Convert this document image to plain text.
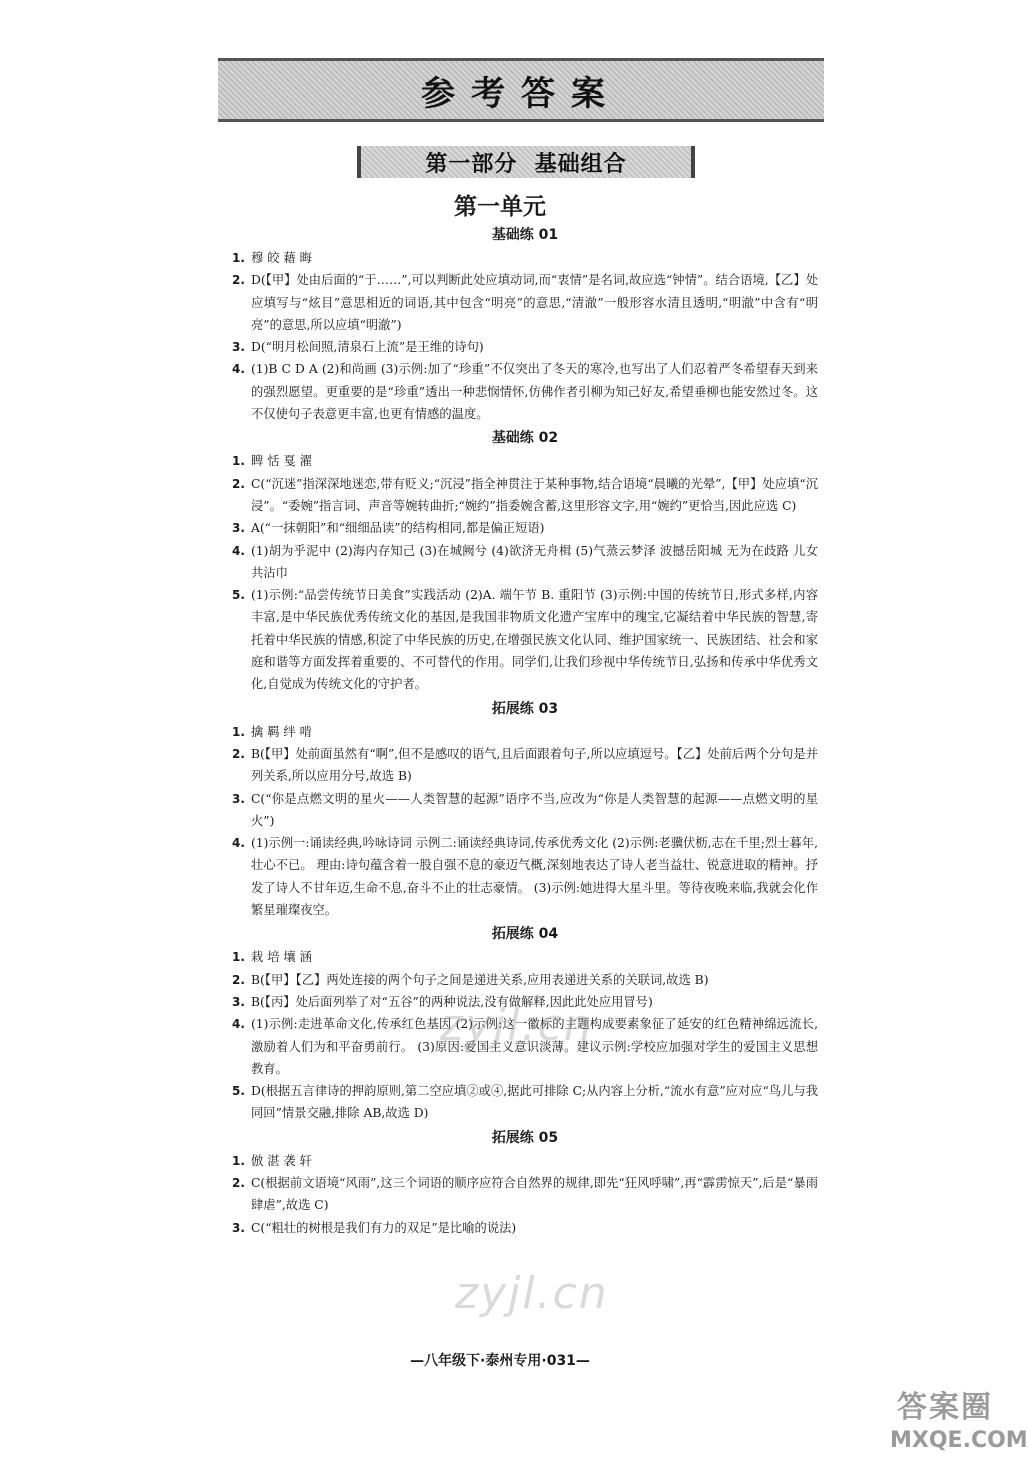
参考答案
第一部分  基础组合
第一单元
基础练 01
1. 穆 皎 藉 晦
2. D(【甲】处由后面的“于……”,可以判断此处应填动词,而“衷情”是名词,故应选“钟情”。结合语境,【乙】处应填写与“炫目”意思相近的词语,其中包含“明亮”的意思,“清澈”一般形容水清且透明,“明澈”中含有“明亮”的意思,所以应填“明澈”)
3. D(“明月松间照,清泉石上流”是王维的诗句)
4. (1)B C D A (2)和尚画 (3)示例:加了“珍重”不仅突出了冬天的寒冷,也写出了人们忍着严冬希望春天到来的强烈愿望。更重要的是“珍重”透出一种悲悯情怀,仿佛作者引柳为知己好友,希望垂柳也能安然过冬。这不仅使句子表意更丰富,也更有情感的温度。
基础练 02
1. 睥 恬 戛 濯
2. C(“沉迷”指深深地迷恋,带有贬义;“沉浸”指全神贯注于某种事物,结合语境“晨曦的光晕”,【甲】处应填“沉浸”。“委婉”指言词、声音等婉转曲折;“婉约”指委婉含蓄,这里形容文字,用“婉约”更恰当,因此应选 C)
3. A(“一抹朝阳”和“细细品读”的结构相同,都是偏正短语)
4. (1)胡为乎泥中 (2)海内存知己 (3)在城阙兮 (4)欲济无舟楫 (5)气蒸云梦泽 波撼岳阳城 无为在歧路 儿女共沾巾
5. (1)示例:“品尝传统节日美食”实践活动 (2)A. 端午节 B. 重阳节 (3)示例:中国的传统节日,形式多样,内容丰富,是中华民族优秀传统文化的基因,是我国非物质文化遗产宝库中的瑰宝,它凝结着中华民族的智慧,寄托着中华民族的情感,积淀了中华民族的历史,在增强民族文化认同、维护国家统一、民族团结、社会和家庭和谐等方面发挥着重要的、不可替代的作用。同学们,让我们珍视中华传统节日,弘扬和传承中华优秀文化,自觉成为传统文化的守护者。
拓展练 03
1. 擒 羁 绊 啃
2. B(【甲】处前面虽然有“啊”,但不是感叹的语气,且后面跟着句子,所以应填逗号。【乙】处前后两个分句是并列关系,所以应用分号,故选 B)
3. C(“你是点燃文明的星火——人类智慧的起源”语序不当,应改为“你是人类智慧的起源——点燃文明的星火”)
4. (1)示例一:诵读经典,吟咏诗词 示例二:诵读经典诗词,传承优秀文化 (2)示例:老骥伏枥,志在千里;烈士暮年,壮心不已。 理由:诗句蕴含着一股自强不息的豪迈气概,深刻地表达了诗人老当益壮、锐意进取的精神。抒发了诗人不甘年迈,生命不息,奋斗不止的壮志豪情。 (3)示例:她进得大星斗里。等待夜晚来临,我就会化作繁星璀璨夜空。
拓展练 04
1. 栽 培 壤 涵
2. B(【甲】【乙】两处连接的两个句子之间是递进关系,应用表递进关系的关联词,故选 B)
3. B(【丙】处后面列举了对“五谷”的两种说法,没有做解释,因此此处应用冒号)
4. (1)示例:走进革命文化,传承红色基因 (2)示例:这一徽标的主题构成要素象征了延安的红色精神绵远流长,激励着人们为和平奋勇前行。 (3)原因:爱国主义意识淡薄。建议示例:学校应加强对学生的爱国主义思想教育。
5. D(根据五言律诗的押韵原则,第二空应填②或④,据此可排除 C;从内容上分析,“流水有意”应对应“鸟儿与我同回”情景交融,排除 AB,故选 D)
拓展练 05
1. 倣 湛 袭 轩
2. C(根据前文语境“风雨”,这三个词语的顺序应符合自然界的规律,即先“狂风呼啸”,再“霹雳惊天”,后是“暴雨肆虐”,故选 C)
3. C(“粗壮的树根是我们有力的双足”是比喻的说法)
zyjl.cn
zyjl.cn
—八年级下·泰州专用·031—
答案圈
MXQE.COM
